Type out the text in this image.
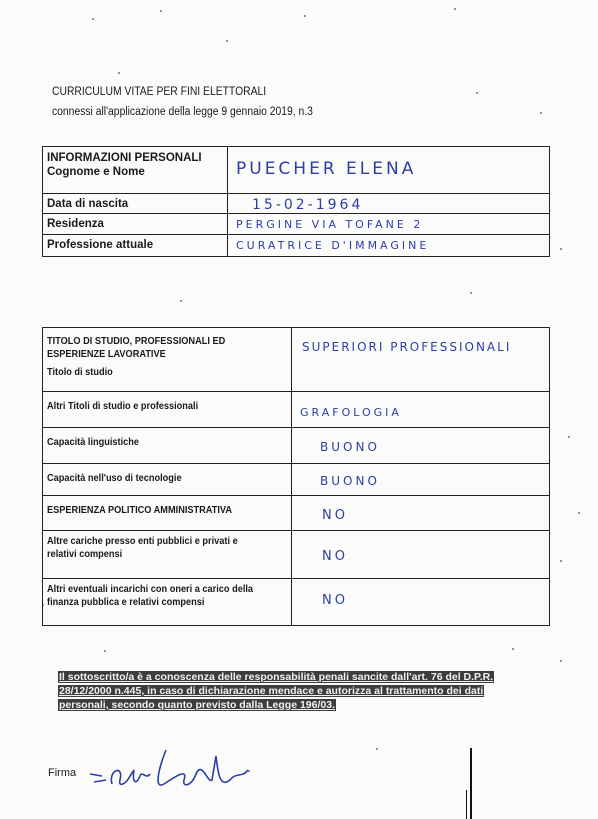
CURRICULUM VITAE PER FINI ELETTORALI
connessi all'applicazione della legge 9 gennaio 2019, n.3
INFORMAZIONI PERSONALI
Cognome e Nome	PUECHER ELENA

Data di nascita	15-02-1964

Residenza	PERGINE VIA TOFANE 2

Professione attuale	CURATRICE D'IMMAGINE
TITOLO DI STUDIO, PROFESSIONALI ED ESPERIENZE LAVORATIVE Titolo di studio	SUPERIORI PROFESSIONALI

Altri Titoli di studio e professionali	GRAFOLOGIA

Capacità linguistiche	BUONO

Capacità nell'uso di tecnologie	BUONO

ESPERIENZA POLITICO AMMINISTRATIVA	NO

Altre cariche presso enti pubblici e privati e relativi compensi	NO

Altri eventuali incarichi con oneri a carico della finanza pubblica e relativi compensi	NO
Il sottoscritto/a è a conoscenza delle responsabilità penali sancite dall'art. 76 del D.P.R. 28/12/2000 n.445, in caso di dichiarazione mendace e autorizza al trattamento dei dati personali, secondo quanto previsto dalla Legge 196/03.
Firma
